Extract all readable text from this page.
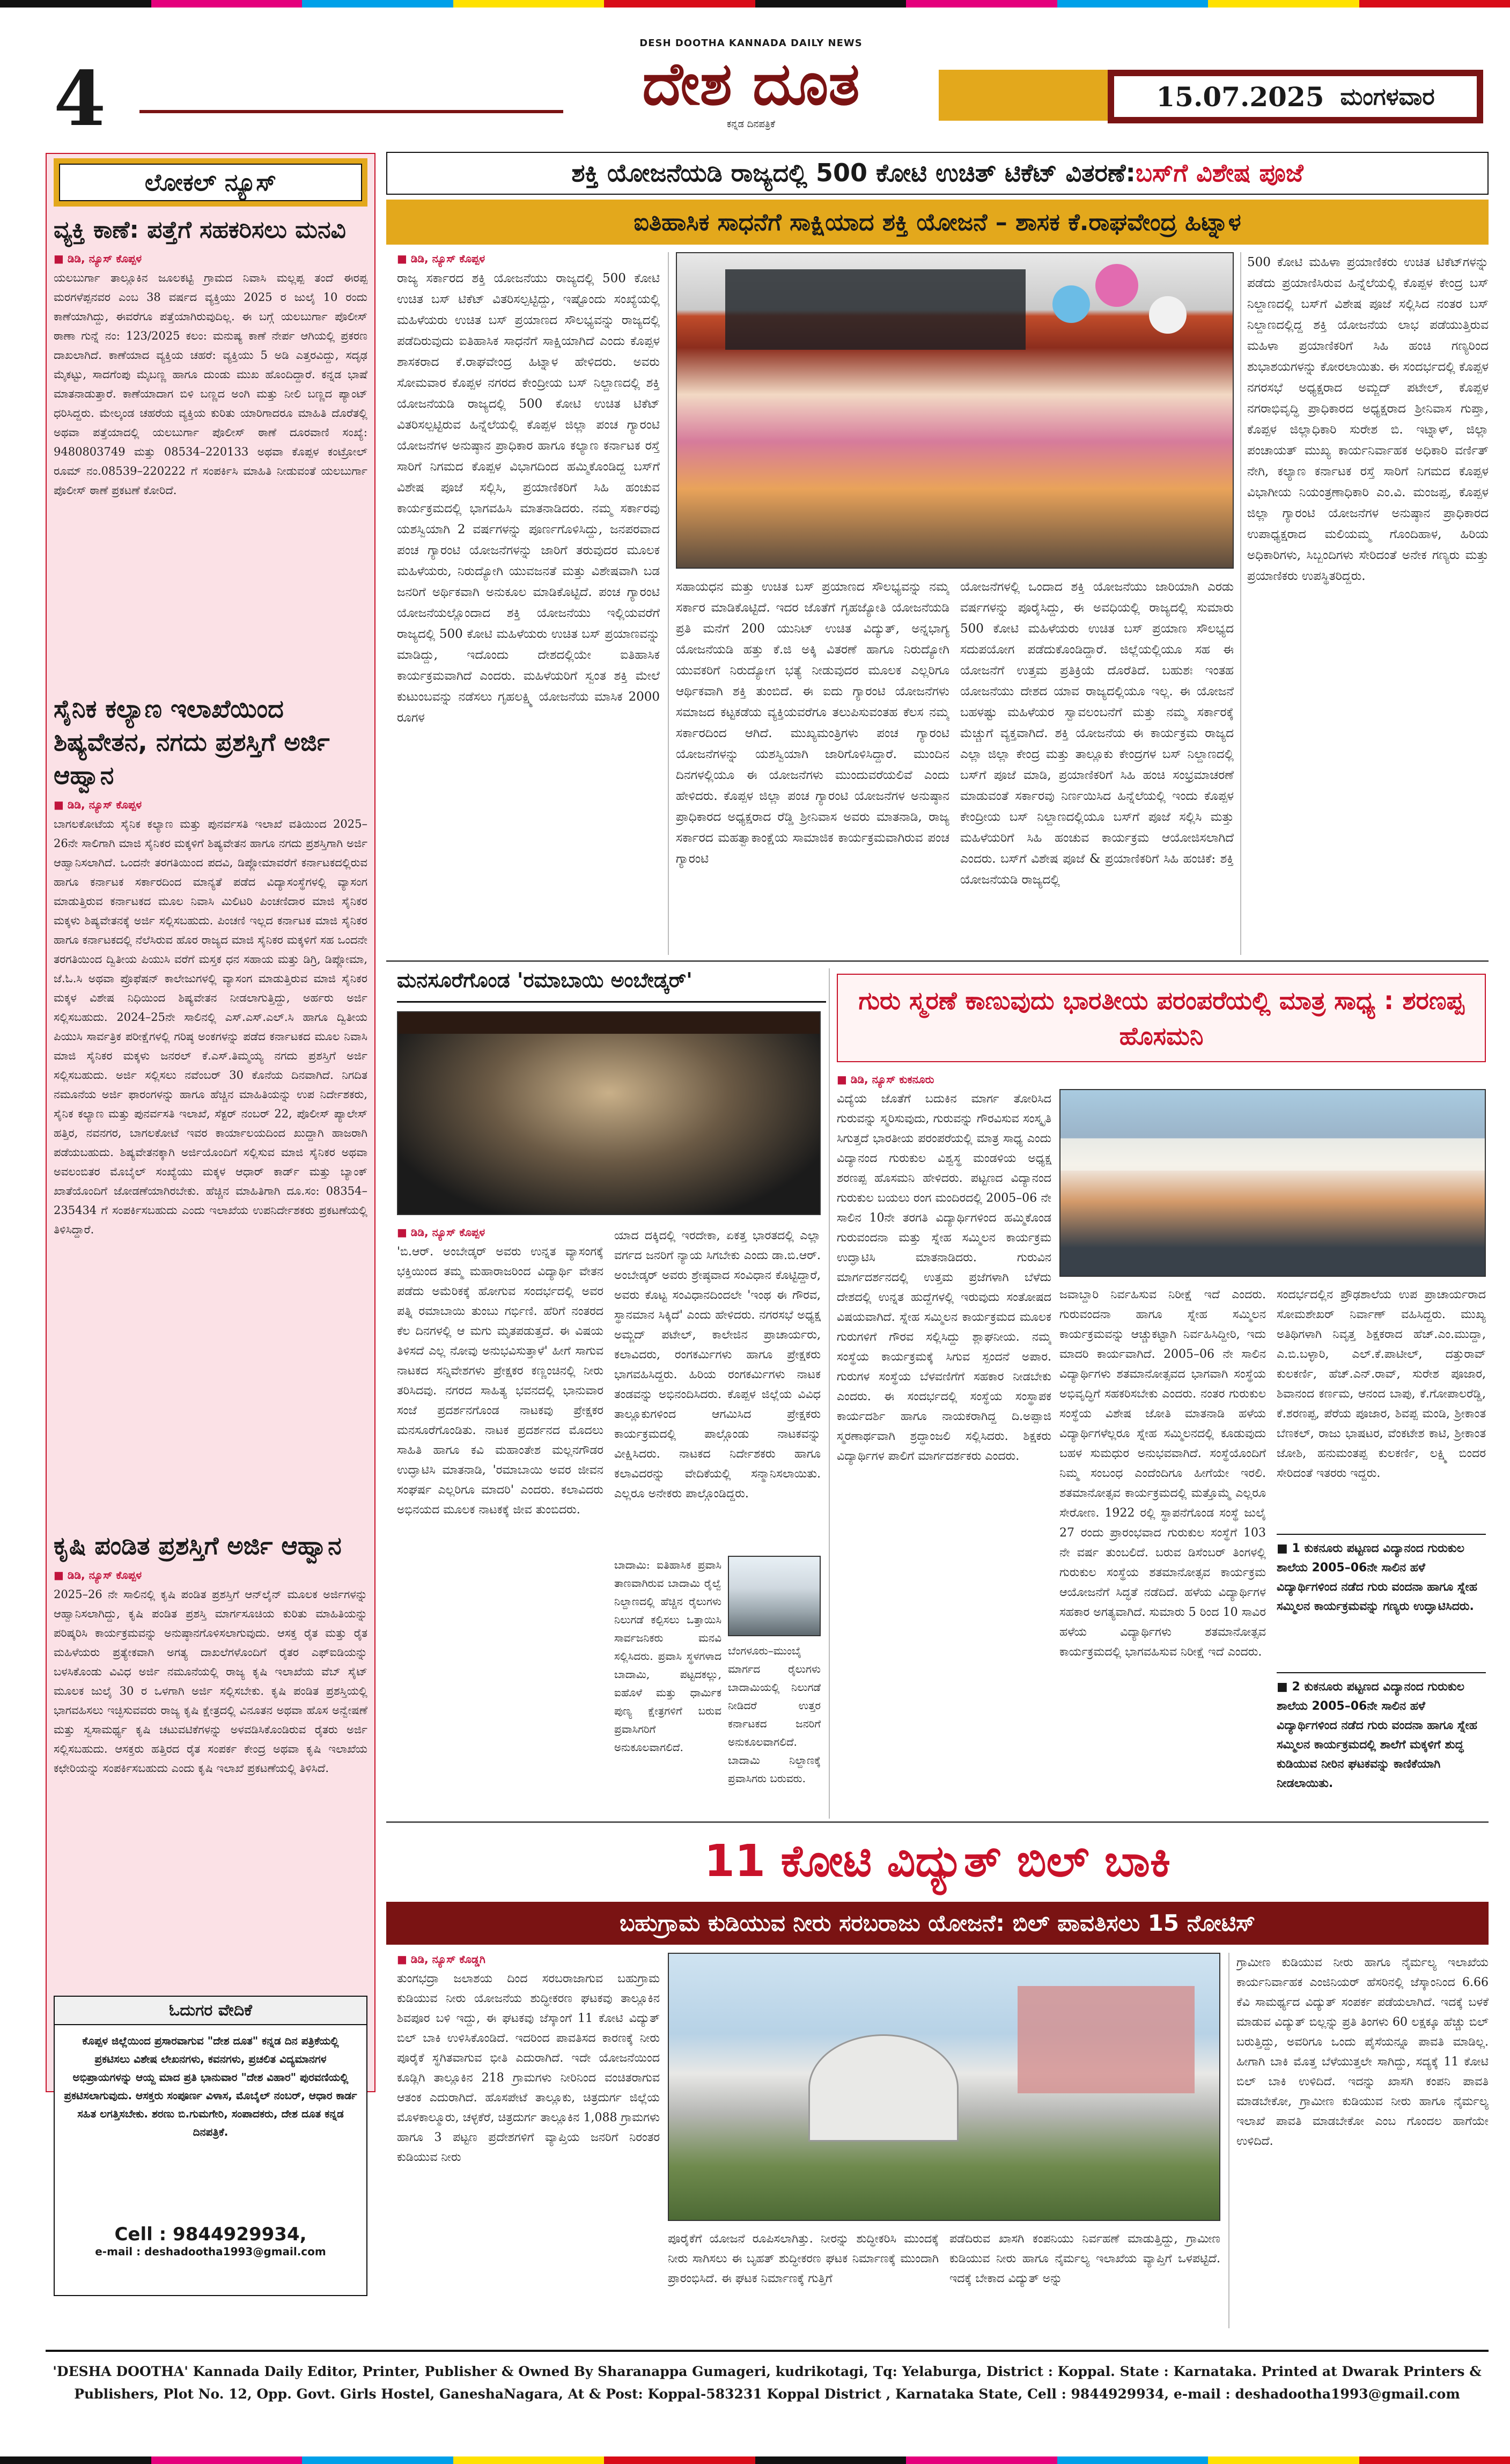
4
DESH DOOTHA KANNADA DAILY NEWS
ದೇಶ ದೂತ
ಕನ್ನಡ ದಿನಪತ್ರಿಕೆ
15.07.2025 ಮಂಗಳವಾರ
ಲೋಕಲ್ ನ್ಯೂಸ್
ವ್ಯಕ್ತಿ ಕಾಣೆ: ಪತ್ತೆಗೆ ಸಹಕರಿಸಲು ಮನವಿ
■ ಡಿಡಿ, ನ್ಯೂಸ್ ಕೊಪ್ಪಳ
ಯಲಬುರ್ಗಾ ತಾಲ್ಲೂಕಿನ ಜೂಲಕಟ್ಟಿ ಗ್ರಾಮದ ನಿವಾಸಿ ಮಲ್ಲಪ್ಪ ತಂದೆ ಈರಪ್ಪ ಮರಗಳೆಪ್ಪನವರ ಎಂಬ 38 ವರ್ಷದ ವ್ಯಕ್ತಿಯು 2025 ರ ಜುಲೈ 10 ರಂದು ಕಾಣೆಯಾಗಿದ್ದು, ಈವರೆಗೂ ಪತ್ತೆಯಾಗಿರುವುದಿಲ್ಲ. ಈ ಬಗ್ಗೆ ಯಲಬುರ್ಗಾ ಪೊಲೀಸ್ ಠಾಣಾ ಗುನ್ನೆ ನಂ: 123/2025 ಕಲಂ: ಮನುಷ್ಯ ಕಾಣೆ ನೇರ್ಪ ಆಗಿಯಲ್ಲಿ ಪ್ರಕರಣ ದಾಖಲಾಗಿದೆ. ಕಾಣೆಯಾದ ವ್ಯಕ್ತಿಯ ಚಹರೆ: ವ್ಯಕ್ತಿಯು 5 ಅಡಿ ಎತ್ತರವಿದ್ದು, ಸದೃಢ ಮೈಕಟ್ಟು, ಸಾದಗೆಂಪು ಮೈಬಣ್ಣ ಹಾಗೂ ದುಂಡು ಮುಖ ಹೊಂದಿದ್ದಾರೆ. ಕನ್ನಡ ಭಾಷೆ ಮಾತನಾಡುತ್ತಾರೆ. ಕಾಣೆಯಾದಾಗ ಬಿಳಿ ಬಣ್ಣದ ಅಂಗಿ ಮತ್ತು ನೀಲಿ ಬಣ್ಣದ ಪ್ಯಾಂಟ್ ಧರಿಸಿದ್ದರು. ಮೇಲ್ಕಂಡ ಚಹರೆಯ ವ್ಯಕ್ತಿಯ ಕುರಿತು ಯಾರಿಗಾದರೂ ಮಾಹಿತಿ ದೊರೆತಲ್ಲಿ ಅಥವಾ ಪತ್ತೆಯಾದಲ್ಲಿ ಯಲಬುರ್ಗಾ ಪೊಲೀಸ್ ಠಾಣೆ ದೂರವಾಣಿ ಸಂಖ್ಯೆ: 9480803749 ಮತ್ತು 08534–220133 ಅಥವಾ ಕೊಪ್ಪಳ ಕಂಟ್ರೋಲ್ ರೂಮ್ ನಂ.08539–220222 ಗೆ ಸಂಪರ್ಕಿಸಿ ಮಾಹಿತಿ ನೀಡುವಂತೆ ಯಲಬುರ್ಗಾ ಪೊಲೀಸ್ ಠಾಣೆ ಪ್ರಕಟಣೆ ಕೋರಿದೆ.
ಸೈನಿಕ ಕಲ್ಯಾಣ ಇಲಾಖೆಯಿಂದ ಶಿಷ್ಯವೇತನ, ನಗದು ಪ್ರಶಸ್ತಿಗೆ ಅರ್ಜಿ ಆಹ್ವಾನ
■ ಡಿಡಿ, ನ್ಯೂಸ್ ಕೊಪ್ಪಳ
ಬಾಗಲಕೋಟೆಯ ಸೈನಿಕ ಕಲ್ಯಾಣ ಮತ್ತು ಪುನರ್ವಸತಿ ಇಲಾಖೆ ವತಿಯಿಂದ 2025–26ನೇ ಸಾಲಿಗಾಗಿ ಮಾಜಿ ಸೈನಿಕರ ಮಕ್ಕಳಿಗೆ ಶಿಷ್ಯವೇತನ ಹಾಗೂ ನಗದು ಪ್ರಶಸ್ತಿಗಾಗಿ ಅರ್ಜಿ ಆಹ್ವಾನಿಸಲಾಗಿದೆ. ಒಂದನೇ ತರಗತಿಯಿಂದ ಪದವಿ, ಡಿಪ್ಲೋಮಾವರೆಗೆ ಕರ್ನಾಟಕದಲ್ಲಿರುವ ಹಾಗೂ ಕರ್ನಾಟಕ ಸರ್ಕಾರದಿಂದ ಮಾನ್ಯತೆ ಪಡೆದ ವಿದ್ಯಾಸಂಸ್ಥೆಗಳಲ್ಲಿ ವ್ಯಾಸಂಗ ಮಾಡುತ್ತಿರುವ ಕರ್ನಾಟಕದ ಮೂಲ ನಿವಾಸಿ ಮಿಲಿಟರಿ ಪಿಂಚಣಿದಾರ ಮಾಜಿ ಸೈನಿಕರ ಮಕ್ಕಳು ಶಿಷ್ಯವೇತನಕ್ಕೆ ಅರ್ಜಿ ಸಲ್ಲಿಸಬಹುದು. ಪಿಂಚಣಿ ಇಲ್ಲದ ಕರ್ನಾಟಕ ಮಾಜಿ ಸೈನಿಕರ ಹಾಗೂ ಕರ್ನಾಟಕದಲ್ಲಿ ನೆಲೆಸಿರುವ ಹೊರ ರಾಜ್ಯದ ಮಾಜಿ ಸೈನಿಕರ ಮಕ್ಕಳಿಗೆ ಸಹ ಒಂದನೇ ತರಗತಿಯಿಂದ ದ್ವಿತೀಯ ಪಿಯುಸಿ ವರೆಗೆ ಮಸ್ತಕ ಧನ ಸಹಾಯ ಮತ್ತು ಡಿಗ್ರಿ, ಡಿಪ್ಲೋಮಾ, ಜೆ.ಓ.ಸಿ ಅಥವಾ ಪ್ರೊಫೆಷನ್ ಕಾಲೇಜುಗಳಲ್ಲಿ ವ್ಯಾಸಂಗ ಮಾಡುತ್ತಿರುವ ಮಾಜಿ ಸೈನಿಕರ ಮಕ್ಕಳ ವಿಶೇಷ ನಿಧಿಯಿಂದ ಶಿಷ್ಯವೇತನ ನೀಡಲಾಗುತ್ತಿದ್ದು, ಅರ್ಹರು ಅರ್ಜಿ ಸಲ್ಲಿಸಬಹುದು. 2024–25ನೇ ಸಾಲಿನಲ್ಲಿ ಎಸ್.ಎಸ್.ಎಲ್.ಸಿ ಹಾಗೂ ದ್ವಿತೀಯ ಪಿಯುಸಿ ಸಾರ್ವತ್ರಿಕ ಪರೀಕ್ಷೆಗಳಲ್ಲಿ ಗರಿಷ್ಠ ಅಂಕಗಳನ್ನು ಪಡೆದ ಕರ್ನಾಟಕದ ಮೂಲ ನಿವಾಸಿ ಮಾಜಿ ಸೈನಿಕರ ಮಕ್ಕಳು ಜನರಲ್ ಕೆ.ಎಸ್.ತಿಮ್ಮಯ್ಯ ನಗದು ಪ್ರಶಸ್ತಿಗೆ ಅರ್ಜಿ ಸಲ್ಲಿಸಬಹುದು. ಅರ್ಜಿ ಸಲ್ಲಿಸಲು ನವೆಂಬರ್ 30 ಕೊನೆಯ ದಿನವಾಗಿದೆ. ನಿಗದಿತ ನಮೂನೆಯ ಅರ್ಜಿ ಫಾರಂಗಳನ್ನು ಹಾಗೂ ಹೆಚ್ಚಿನ ಮಾಹಿತಿಯನ್ನು ಉಪ ನಿರ್ದೇಶಕರು, ಸೈನಿಕ ಕಲ್ಯಾಣ ಮತ್ತು ಪುನರ್ವಸತಿ ಇಲಾಖೆ, ಸೆಕ್ಟರ್ ನಂಬರ್ 22, ಪೊಲೀಸ್ ಪ್ಯಾಲೇಸ್ ಹತ್ತಿರ, ನವನಗರ, ಬಾಗಲಕೋಟೆ ಇವರ ಕಾರ್ಯಾಲಯದಿಂದ ಖುದ್ದಾಗಿ ಹಾಜರಾಗಿ ಪಡೆಯಬಹುದು. ಶಿಷ್ಯವೇತನಕ್ಕಾಗಿ ಅರ್ಜಿಯೊಂದಿಗೆ ಸಲ್ಲಿಸುವ ಮಾಜಿ ಸೈನಿಕರ ಅಥವಾ ಅವಲಂಬಿತರ ಮೊಬೈಲ್ ಸಂಖ್ಯೆಯು ಮಕ್ಕಳ ಆಧಾರ್ ಕಾರ್ಡ್ ಮತ್ತು ಬ್ಯಾಂಕ್ ಖಾತೆಯೊಂದಿಗೆ ಜೋಡಣೆಯಾಗಿರಬೇಕು. ಹೆಚ್ಚಿನ ಮಾಹಿತಿಗಾಗಿ ದೂ.ಸಂ: 08354–235434 ಗೆ ಸಂಪರ್ಕಿಸಬಹುದು ಎಂದು ಇಲಾಖೆಯ ಉಪನಿರ್ದೇಶಕರು ಪ್ರಕಟಣೆಯಲ್ಲಿ ತಿಳಿಸಿದ್ದಾರೆ.
ಕೃಷಿ ಪಂಡಿತ ಪ್ರಶಸ್ತಿಗೆ ಅರ್ಜಿ ಆಹ್ವಾನ
■ ಡಿಡಿ, ನ್ಯೂಸ್ ಕೊಪ್ಪಳ
2025–26 ನೇ ಸಾಲಿನಲ್ಲಿ ಕೃಷಿ ಪಂಡಿತ ಪ್ರಶಸ್ತಿಗೆ ಆನ್‌ಲೈನ್ ಮೂಲಕ ಅರ್ಜಿಗಳನ್ನು ಆಹ್ವಾನಿಸಲಾಗಿದ್ದು, ಕೃಷಿ ಪಂಡಿತ ಪ್ರಶಸ್ತಿ ಮಾರ್ಗಸೂಚಿಯ ಕುರಿತು ಮಾಹಿತಿಯನ್ನು ಪರಿಷ್ಕರಿಸಿ ಕಾರ್ಯಕ್ರಮವನ್ನು ಅನುಷ್ಠಾನಗೊಳಿಸಲಾಗುವುದು. ಆಸಕ್ತ ರೈತ ಮತ್ತು ರೈತ ಮಹಿಳೆಯರು ಪ್ರತ್ಯೇಕವಾಗಿ ಅಗತ್ಯ ದಾಖಲೆಗಳೊಂದಿಗೆ ರೈತರ ಎಫ್‌ಐಡಿಯನ್ನು ಬಳಸಿಕೊಂಡು ವಿವಿಧ ಅರ್ಜಿ ನಮೂನೆಯಲ್ಲಿ ರಾಜ್ಯ ಕೃಷಿ ಇಲಾಖೆಯ ವೆಬ್ ಸೈಟ್ ಮೂಲಕ ಜುಲೈ 30 ರ ಒಳಗಾಗಿ ಅರ್ಜಿ ಸಲ್ಲಿಸಬೇಕು. ಕೃಷಿ ಪಂಡಿತ ಪ್ರಶಸ್ತಿಯಲ್ಲಿ ಭಾಗವಹಿಸಲು ಇಚ್ಛಿಸುವವರು ರಾಜ್ಯ ಕೃಷಿ ಕ್ಷೇತ್ರದಲ್ಲಿ ವಿನೂತನ ಅಥವಾ ಹೊಸ ಅನ್ವೇಷಣೆ ಮತ್ತು ಸ್ವಸಾಮರ್ಥ್ಯ ಕೃಷಿ ಚಟುವಟಿಕೆಗಳನ್ನು ಅಳವಡಿಸಿಕೊಂಡಿರುವ ರೈತರು ಅರ್ಜಿ ಸಲ್ಲಿಸಬಹುದು. ಆಸಕ್ತರು ಹತ್ತಿರದ ರೈತ ಸಂಪರ್ಕ ಕೇಂದ್ರ ಅಥವಾ ಕೃಷಿ ಇಲಾಖೆಯ ಕಛೇರಿಯನ್ನು ಸಂಪರ್ಕಿಸಬಹುದು ಎಂದು ಕೃಷಿ ಇಲಾಖೆ ಪ್ರಕಟಣೆಯಲ್ಲಿ ತಿಳಿಸಿದೆ.
ಓದುಗರ ವೇದಿಕೆ
ಕೊಪ್ಪಳ ಜಿಲ್ಲೆಯಿಂದ ಪ್ರಸಾರವಾಗುವ "ದೇಶ ದೂತ" ಕನ್ನಡ ದಿನ ಪತ್ರಿಕೆಯಲ್ಲಿ ಪ್ರಕಟಿಸಲು ವಿಶೇಷ ಲೇಖನಗಳು, ಕವನಗಳು, ಪ್ರಚಲಿತ ವಿದ್ಯಮಾನಗಳ ಅಭಿಪ್ರಾಯಗಳನ್ನು ಆಯ್ದ ಮಾದ ಪ್ರತಿ ಭಾನುವಾರ "ದೇಶ ವಿಹಾರ" ಪುರವಣಿಯಲ್ಲಿ ಪ್ರಕಟಿಸಲಾಗುವುದು. ಆಸಕ್ತರು ಸಂಪೂರ್ಣ ವಿಳಾಸ, ಮೊಬೈಲ್ ನಂಬರ್, ಆಧಾರ ಕಾರ್ಡ ಸಹಿತ ಲಗತ್ತಿಸಬೇಕು. ಶರಣು ಬಿ.ಗುಮಗೇರಿ, ಸಂಪಾದಕರು, ದೇಶ ದೂತ ಕನ್ನಡ ದಿನಪತ್ರಿಕೆ.
Cell : 9844929934,
e-mail : deshadootha1993@gmail.com
ಶಕ್ತಿ ಯೋಜನೆಯಡಿ ರಾಜ್ಯದಲ್ಲಿ 500 ಕೋಟಿ ಉಚಿತ್ ಟಿಕೆಟ್ ವಿತರಣೆ: ಬಸ್‌ಗೆ ವಿಶೇಷ ಪೂಜೆ
ಐತಿಹಾಸಿಕ ಸಾಧನೆಗೆ ಸಾಕ್ಷಿಯಾದ ಶಕ್ತಿ ಯೋಜನೆ – ಶಾಸಕ ಕೆ.ರಾಘವೇಂದ್ರ ಹಿಟ್ನಾಳ
■ ಡಿಡಿ, ನ್ಯೂಸ್ ಕೊಪ್ಪಳ
ರಾಜ್ಯ ಸರ್ಕಾರದ ಶಕ್ತಿ ಯೋಜನೆಯು ರಾಜ್ಯದಲ್ಲಿ 500 ಕೋಟಿ ಉಚಿತ ಬಸ್ ಟಿಕೆಟ್ ವಿತರಿಸಲ್ಪಟ್ಟಿದ್ದು, ಇಷ್ಟೊಂದು ಸಂಖ್ಯೆಯಲ್ಲಿ ಮಹಿಳೆಯರು ಉಚಿತ ಬಸ್ ಪ್ರಯಾಣದ ಸೌಲಭ್ಯವನ್ನು ರಾಜ್ಯದಲ್ಲಿ ಪಡೆದಿರುವುದು ಐತಿಹಾಸಿಕ ಸಾಧನೆಗೆ ಸಾಕ್ಷಿಯಾಗಿದೆ ಎಂದು ಕೊಪ್ಪಳ ಶಾಸಕರಾದ ಕೆ.ರಾಘವೇಂದ್ರ ಹಿಟ್ನಾಳ ಹೇಳಿದರು. ಅವರು ಸೋಮವಾರ ಕೊಪ್ಪಳ ನಗರದ ಕೇಂದ್ರೀಯ ಬಸ್ ನಿಲ್ದಾಣದಲ್ಲಿ ಶಕ್ತಿ ಯೋಜನೆಯಡಿ ರಾಜ್ಯದಲ್ಲಿ 500 ಕೋಟಿ ಉಚಿತ ಟಿಕೆಟ್ ವಿತರಿಸಲ್ಪಟ್ಟಿರುವ ಹಿನ್ನೆಲೆಯಲ್ಲಿ ಕೊಪ್ಪಳ ಜಿಲ್ಲಾ ಪಂಚ ಗ್ಯಾರಂಟಿ ಯೋಜನೆಗಳ ಅನುಷ್ಠಾನ ಪ್ರಾಧಿಕಾರ ಹಾಗೂ ಕಲ್ಯಾಣ ಕರ್ನಾಟಕ ರಸ್ತೆ ಸಾರಿಗೆ ನಿಗಮದ ಕೊಪ್ಪಳ ವಿಭಾಗದಿಂದ ಹಮ್ಮಿಕೊಂಡಿದ್ದ ಬಸ್‌ಗೆ ವಿಶೇಷ ಪೂಜೆ ಸಲ್ಲಿಸಿ, ಪ್ರಯಾಣಿಕರಿಗೆ ಸಿಹಿ ಹಂಚುವ ಕಾರ್ಯಕ್ರಮದಲ್ಲಿ ಭಾಗವಹಿಸಿ ಮಾತನಾಡಿದರು. ನಮ್ಮ ಸರ್ಕಾರವು ಯಶಸ್ವಿಯಾಗಿ 2 ವರ್ಷಗಳನ್ನು ಪೂರ್ಣಗೊಳಿಸಿದ್ದು, ಜನಪರವಾದ ಪಂಚ ಗ್ಯಾರಂಟಿ ಯೋಜನೆಗಳನ್ನು ಜಾರಿಗೆ ತರುವುದರ ಮೂಲಕ ಮಹಿಳೆಯರು, ನಿರುದ್ಯೋಗಿ ಯುವಜನತೆ ಮತ್ತು ವಿಶೇಷವಾಗಿ ಬಡ ಜನರಿಗೆ ಅರ್ಥಿಕವಾಗಿ ಅನುಕೂಲ ಮಾಡಿಕೊಟ್ಟಿದೆ. ಪಂಚ ಗ್ಯಾರಂಟಿ ಯೋಜನೆಯಲ್ಲೊಂದಾದ ಶಕ್ತಿ ಯೋಜನೆಯು ಇಲ್ಲಿಯವರೆಗೆ ರಾಜ್ಯದಲ್ಲಿ 500 ಕೋಟಿ ಮಹಿಳೆಯರು ಉಚಿತ ಬಸ್ ಪ್ರಯಾಣವನ್ನು ಮಾಡಿದ್ದು, ಇದೊಂದು ದೇಶದಲ್ಲಿಯೇ ಐತಿಹಾಸಿಕ ಕಾರ್ಯಕ್ರಮವಾಗಿದೆ ಎಂದರು. ಮಹಿಳೆಯರಿಗೆ ಸ್ವಂತ ಶಕ್ತಿ ಮೇಲೆ ಕುಟುಂಬವನ್ನು ನಡೆಸಲು ಗೃಹಲಕ್ಷ್ಮಿ ಯೋಜನೆಯ ಮಾಸಿಕ 2000 ರೂಗಳ
ಸಹಾಯಧನ ಮತ್ತು ಉಚಿತ ಬಸ್ ಪ್ರಯಾಣದ ಸೌಲಭ್ಯವನ್ನು ನಮ್ಮ ಸರ್ಕಾರ ಮಾಡಿಕೊಟ್ಟಿದೆ. ಇದರ ಜೊತೆಗೆ ಗೃಹಜ್ಯೋತಿ ಯೋಜನೆಯಡಿ ಪ್ರತಿ ಮನೆಗೆ 200 ಯುನಿಟ್ ಉಚಿತ ವಿದ್ಯುತ್, ಅನ್ನಭಾಗ್ಯ ಯೋಜನೆಯಡಿ ಹತ್ತು ಕೆ.ಜಿ ಅಕ್ಕಿ ವಿತರಣೆ ಹಾಗೂ ನಿರುದ್ಯೋಗಿ ಯುವಕರಿಗೆ ನಿರುದ್ಯೋಗ ಭತ್ಯೆ ನೀಡುವುದರ ಮೂಲಕ ಎಲ್ಲರಿಗೂ ಆರ್ಥಿಕವಾಗಿ ಶಕ್ತಿ ತುಂಬಿದೆ. ಈ ಐದು ಗ್ಯಾರಂಟಿ ಯೋಜನೆಗಳು ಸಮಾಜದ ಕಟ್ಟಕಡೆಯ ವ್ಯಕ್ತಿಯವರೆಗೂ ತಲುಪಿಸುವಂತಹ ಕೆಲಸ ನಮ್ಮ ಸರ್ಕಾರದಿಂದ ಆಗಿದೆ. ಮುಖ್ಯಮಂತ್ರಿಗಳು ಪಂಚ ಗ್ಯಾರಂಟಿ ಯೋಜನೆಗಳನ್ನು ಯಶಸ್ವಿಯಾಗಿ ಜಾರಿಗೊಳಿಸಿದ್ದಾರೆ. ಮುಂದಿನ ದಿನಗಳಲ್ಲಿಯೂ ಈ ಯೋಜನೆಗಳು ಮುಂದುವರೆಯಲಿವೆ ಎಂದು ಹೇಳಿದರು. ಕೊಪ್ಪಳ ಜಿಲ್ಲಾ ಪಂಚ ಗ್ಯಾರಂಟಿ ಯೋಜನೆಗಳ ಅನುಷ್ಠಾನ ಪ್ರಾಧಿಕಾರದ ಅಧ್ಯಕ್ಷರಾದ ರೆಡ್ಡಿ ಶ್ರೀನಿವಾಸ ಅವರು ಮಾತನಾಡಿ, ರಾಜ್ಯ ಸರ್ಕಾರದ ಮಹತ್ವಾಕಾಂಕ್ಷೆಯ ಸಾಮಾಜಿಕ ಕಾರ್ಯಕ್ರಮವಾಗಿರುವ ಪಂಚ ಗ್ಯಾರಂಟಿ
ಯೋಜನೆಗಳಲ್ಲಿ ಒಂದಾದ ಶಕ್ತಿ ಯೋಜನೆಯು ಜಾರಿಯಾಗಿ ಎರಡು ವರ್ಷಗಳನ್ನು ಪೂರೈಸಿದ್ದು, ಈ ಅವಧಿಯಲ್ಲಿ ರಾಜ್ಯದಲ್ಲಿ ಸುಮಾರು 500 ಕೋಟಿ ಮಹಿಳೆಯರು ಉಚಿತ ಬಸ್ ಪ್ರಯಾಣ ಸೌಲಭ್ಯದ ಸದುಪಯೋಗ ಪಡೆದುಕೊಂಡಿದ್ದಾರೆ. ಜಿಲ್ಲೆಯಲ್ಲಿಯೂ ಸಹ ಈ ಯೋಜನೆಗೆ ಉತ್ತಮ ಪ್ರತಿಕ್ರಿಯೆ ದೊರೆತಿದೆ. ಬಹುಶಃ ಇಂತಹ ಯೋಜನೆಯು ದೇಶದ ಯಾವ ರಾಜ್ಯದಲ್ಲಿಯೂ ಇಲ್ಲ. ಈ ಯೋಜನೆ ಬಹಳಷ್ಟು ಮಹಿಳೆಯರ ಸ್ವಾವಲಂಬನೆಗೆ ಮತ್ತು ನಮ್ಮ ಸರ್ಕಾರಕ್ಕೆ ಮೆಚ್ಚುಗೆ ವ್ಯಕ್ತವಾಗಿದೆ. ಶಕ್ತಿ ಯೋಜನೆಯ ಈ ಕಾರ್ಯಕ್ರಮ ರಾಜ್ಯದ ಎಲ್ಲಾ ಜಿಲ್ಲಾ ಕೇಂದ್ರ ಮತ್ತು ತಾಲ್ಲೂಕು ಕೇಂದ್ರಗಳ ಬಸ್ ನಿಲ್ದಾಣದಲ್ಲಿ ಬಸ್‌ಗೆ ಪೂಜೆ ಮಾಡಿ, ಪ್ರಯಾಣಿಕರಿಗೆ ಸಿಹಿ ಹಂಚಿ ಸಂಭ್ರಮಾಚರಣೆ ಮಾಡುವಂತೆ ಸರ್ಕಾರವು ನಿರ್ಣಯಿಸಿದ ಹಿನ್ನೆಲೆಯಲ್ಲಿ ಇಂದು ಕೊಪ್ಪಳ ಕೇಂದ್ರೀಯ ಬಸ್ ನಿಲ್ದಾಣದಲ್ಲಿಯೂ ಬಸ್‌ಗೆ ಪೂಜೆ ಸಲ್ಲಿಸಿ ಮತ್ತು ಮಹಿಳೆಯರಿಗೆ ಸಿಹಿ ಹಂಚುವ ಕಾರ್ಯಕ್ರಮ ಆಯೋಜಿಸಲಾಗಿದೆ ಎಂದರು. ಬಸ್‌ಗೆ ವಿಶೇಷ ಪೂಜೆ & ಪ್ರಯಾಣಿಕರಿಗೆ ಸಿಹಿ ಹಂಚಿಕೆ: ಶಕ್ತಿ ಯೋಜನೆಯಡಿ ರಾಜ್ಯದಲ್ಲಿ
500 ಕೋಟಿ ಮಹಿಳಾ ಪ್ರಯಾಣಿಕರು ಉಚಿತ ಟಿಕೆಟ್‌ಗಳನ್ನು ಪಡೆದು ಪ್ರಯಾಣಿಸಿರುವ ಹಿನ್ನೆಲೆಯಲ್ಲಿ ಕೊಪ್ಪಳ ಕೇಂದ್ರ ಬಸ್ ನಿಲ್ದಾಣದಲ್ಲಿ ಬಸ್‌ಗೆ ವಿಶೇಷ ಪೂಜೆ ಸಲ್ಲಿಸಿದ ನಂತರ ಬಸ್ ನಿಲ್ದಾಣದಲ್ಲಿದ್ದ ಶಕ್ತಿ ಯೋಜನೆಯ ಲಾಭ ಪಡೆಯುತ್ತಿರುವ ಮಹಿಳಾ ಪ್ರಯಾಣಿಕರಿಗೆ ಸಿಹಿ ಹಂಚಿ ಗಣ್ಯರಿಂದ ಶುಭಾಶಯಗಳನ್ನು ಕೋರಲಾಯಿತು. ಈ ಸಂದರ್ಭದಲ್ಲಿ ಕೊಪ್ಪಳ ನಗರಸಭೆ ಅಧ್ಯಕ್ಷರಾದ ಅಮ್ಜದ್ ಪಟೇಲ್, ಕೊಪ್ಪಳ ನಗರಾಭಿವೃದ್ಧಿ ಪ್ರಾಧಿಕಾರದ ಅಧ್ಯಕ್ಷರಾದ ಶ್ರೀನಿವಾಸ ಗುಪ್ತಾ, ಕೊಪ್ಪಳ ಜಿಲ್ಲಾಧಿಕಾರಿ ಸುರೇಶ ಬಿ. ಇಟ್ನಾಳ್, ಜಿಲ್ಲಾ ಪಂಚಾಯತ್ ಮುಖ್ಯ ಕಾರ್ಯನಿರ್ವಾಹಕ ಅಧಿಕಾರಿ ವರ್ಣಿತ್ ನೇಗಿ, ಕಲ್ಯಾಣ ಕರ್ನಾಟಕ ರಸ್ತೆ ಸಾರಿಗೆ ನಿಗಮದ ಕೊಪ್ಪಳ ವಿಭಾಗೀಯ ನಿಯಂತ್ರಣಾಧಿಕಾರಿ ಎಂ.ವಿ. ಮಂಜಪ್ಪ, ಕೊಪ್ಪಳ ಜಿಲ್ಲಾ ಗ್ಯಾರಂಟಿ ಯೋಜನೆಗಳ ಅನುಷ್ಠಾನ ಪ್ರಾಧಿಕಾರದ ಉಪಾಧ್ಯಕ್ಷರಾದ ಮಲಿಯಮ್ಮ ಗೊಂದಿಹಾಳ, ಹಿರಿಯ ಅಧಿಕಾರಿಗಳು, ಸಿಬ್ಬಂದಿಗಳು ಸೇರಿದಂತೆ ಅನೇಕ ಗಣ್ಯರು ಮತ್ತು ಪ್ರಯಾಣಿಕರು ಉಪಸ್ಥಿತರಿದ್ದರು.
ಮನಸೂರೆಗೊಂಡ 'ರಮಾಬಾಯಿ ಅಂಬೇಡ್ಕರ್'
■ ಡಿಡಿ, ನ್ಯೂಸ್ ಕೊಪ್ಪಳ
'ಬಿ.ಆರ್. ಅಂಬೇಡ್ಕರ್ ಅವರು ಉನ್ನತ ವ್ಯಾಸಂಗಕ್ಕೆ ಭಕ್ತಿಯಿಂದ ತಮ್ಮ ಮಹಾರಾಜರಿಂದ ವಿದ್ಯಾರ್ಥಿ ವೇತನ ಪಡೆದು ಅಮೆರಿಕಕ್ಕೆ ಹೋಗುವ ಸಂದರ್ಭದಲ್ಲಿ ಅವರ ಪತ್ನಿ ರಮಾಬಾಯಿ ತುಂಬು ಗರ್ಭಿಣಿ. ಹೆರಿಗೆ ನಂತರದ ಕೆಲ ದಿನಗಳಲ್ಲಿ ಆ ಮಗು ಮೃತಪಡುತ್ತದೆ. ಈ ವಿಷಯ ತಿಳಿಸದೆ ಎಲ್ಲ ನೋವು ಅನುಭವಿಸುತ್ತಾಳೆ' ಹೀಗೆ ಸಾಗುವ ನಾಟಕದ ಸನ್ನಿವೇಶಗಳು ಪ್ರೇಕ್ಷಕರ ಕಣ್ಣಂಚಿನಲ್ಲಿ ನೀರು ತರಿಸಿದವು. ನಗರದ ಸಾಹಿತ್ಯ ಭವನದಲ್ಲಿ ಭಾನುವಾರ ಸಂಜೆ ಪ್ರದರ್ಶನಗೊಂಡ ನಾಟಕವು ಪ್ರೇಕ್ಷಕರ ಮನಸೂರೆಗೊಂಡಿತು. ನಾಟಕ ಪ್ರದರ್ಶನದ ಮೊದಲು ಸಾಹಿತಿ ಹಾಗೂ ಕವಿ ಮಹಾಂತೇಶ ಮಲ್ಲನಗೌಡರ ಉದ್ಘಾಟಿಸಿ ಮಾತನಾಡಿ, 'ರಮಾಬಾಯಿ ಅವರ ಜೀವನ ಸಂಘರ್ಷ ಎಲ್ಲರಿಗೂ ಮಾದರಿ' ಎಂದರು. ಕಲಾವಿದರು ಅಭಿನಯದ ಮೂಲಕ ನಾಟಕಕ್ಕೆ ಜೀವ ತುಂಬಿದರು.
ಯಾದ ದಕ್ಕಿದಲ್ಲಿ ಇರದೇಕಾ, ಏಕತ್ತ ಭಾರತದಲ್ಲಿ ಎಲ್ಲಾ ವರ್ಗದ ಜನರಿಗೆ ನ್ಯಾಯ ಸಿಗಬೇಕು ಎಂದು ಡಾ.ಬಿ.ಆರ್. ಅಂಬೇಡ್ಕರ್ ಅವರು ಶ್ರೇಷ್ಠವಾದ ಸಂವಿಧಾನ ಕೊಟ್ಟಿದ್ದಾರೆ, ಅವರು ಕೊಟ್ಟ ಸಂವಿಧಾನದಿಂದಲೇ 'ಇಂಥ ಈ ಗೌರವ, ಸ್ಥಾನಮಾನ ಸಿಕ್ಕಿದೆ' ಎಂದು ಹೇಳಿದರು. ನಗರಸಭೆ ಅಧ್ಯಕ್ಷ ಅಮ್ಜದ್ ಪಟೇಲ್, ಕಾಲೇಜಿನ ಪ್ರಾಚಾರ್ಯರು, ಕಲಾವಿದರು, ರಂಗಕರ್ಮಿಗಳು ಹಾಗೂ ಪ್ರೇಕ್ಷಕರು ಭಾಗವಹಿಸಿದ್ದರು. ಹಿರಿಯ ರಂಗಕರ್ಮಿಗಳು ನಾಟಕ ತಂಡವನ್ನು ಅಭಿನಂದಿಸಿದರು. ಕೊಪ್ಪಳ ಜಿಲ್ಲೆಯ ವಿವಿಧ ತಾಲ್ಲೂಕುಗಳಿಂದ ಆಗಮಿಸಿದ ಪ್ರೇಕ್ಷಕರು ಕಾರ್ಯಕ್ರಮದಲ್ಲಿ ಪಾಲ್ಗೊಂಡು ನಾಟಕವನ್ನು ವೀಕ್ಷಿಸಿದರು. ನಾಟಕದ ನಿರ್ದೇಶಕರು ಹಾಗೂ ಕಲಾವಿದರನ್ನು ವೇದಿಕೆಯಲ್ಲಿ ಸನ್ಮಾನಿಸಲಾಯಿತು. ಎಲ್ಲರೂ ಅನೇಕರು ಪಾಲ್ಗೊಂಡಿದ್ದರು.
ಬಾದಾಮಿ: ಐತಿಹಾಸಿಕ ಪ್ರವಾಸಿ ತಾಣವಾಗಿರುವ ಬಾದಾಮಿ ರೈಲ್ವೆ ನಿಲ್ದಾಣದಲ್ಲಿ ಹೆಚ್ಚಿನ ರೈಲುಗಳು ನಿಲುಗಡೆ ಕಲ್ಪಿಸಲು ಒತ್ತಾಯಿಸಿ ಸಾರ್ವಜನಿಕರು ಮನವಿ ಸಲ್ಲಿಸಿದರು. ಪ್ರವಾಸಿ ಸ್ಥಳಗಳಾದ ಬಾದಾಮಿ, ಪಟ್ಟದಕಲ್ಲು, ಐಹೊಳೆ ಮತ್ತು ಧಾರ್ಮಿಕ ಪುಣ್ಯ ಕ್ಷೇತ್ರಗಳಿಗೆ ಬರುವ ಪ್ರವಾಸಿಗರಿಗೆ ಅನುಕೂಲವಾಗಲಿದೆ.
ಬೆಂಗಳೂರು–ಮುಂಬೈ ಮಾರ್ಗದ ರೈಲುಗಳು ಬಾದಾಮಿಯಲ್ಲಿ ನಿಲುಗಡೆ ನೀಡಿದರೆ ಉತ್ತರ ಕರ್ನಾಟಕದ ಜನರಿಗೆ ಅನುಕೂಲವಾಗಲಿದೆ. ಬಾದಾಮಿ ನಿಲ್ದಾಣಕ್ಕೆ ಪ್ರವಾಸಿಗರು ಬರುವರು.
ಗುರು ಸ್ಮರಣೆ ಕಾಣುವುದು ಭಾರತೀಯ ಪರಂಪರೆಯಲ್ಲಿ ಮಾತ್ರ ಸಾಧ್ಯ : ಶರಣಪ್ಪ ಹೊಸಮನಿ
■ ಡಿಡಿ, ನ್ಯೂಸ್ ಕುಕನೂರು
ವಿದ್ಯೆಯ ಜೊತೆಗೆ ಬದುಕಿನ ಮಾರ್ಗ ತೋರಿಸಿದ ಗುರುವನ್ನು ಸ್ಮರಿಸುವುದು, ಗುರುವನ್ನು ಗೌರವಿಸುವ ಸಂಸ್ಕೃತಿ ಸಿಗುತ್ತದೆ ಭಾರತೀಯ ಪರಂಪರೆಯಲ್ಲಿ ಮಾತ್ರ ಸಾಧ್ಯ ಎಂದು ವಿದ್ಯಾನಂದ ಗುರುಕುಲ ವಿಶ್ವಸ್ಥ ಮಂಡಳಿಯ ಅಧ್ಯಕ್ಷ ಶರಣಪ್ಪ ಹೊಸಮನಿ ಹೇಳಿದರು. ಪಟ್ಟಣದ ವಿದ್ಯಾನಂದ ಗುರುಕುಲ ಬಯಲು ರಂಗ ಮಂದಿರದಲ್ಲಿ 2005–06 ನೇ ಸಾಲಿನ 10ನೇ ತರಗತಿ ವಿದ್ಯಾರ್ಥಿಗಳಿಂದ ಹಮ್ಮಿಕೊಂಡ ಗುರುವಂದನಾ ಮತ್ತು ಸ್ನೇಹ ಸಮ್ಮಿಲನ ಕಾರ್ಯಕ್ರಮ ಉದ್ಘಾಟಿಸಿ ಮಾತನಾಡಿದರು. ಗುರುವಿನ ಮಾರ್ಗದರ್ಶನದಲ್ಲಿ ಉತ್ತಮ ಪ್ರಜೆಗಳಾಗಿ ಬೆಳೆದು ದೇಶದಲ್ಲಿ ಉನ್ನತ ಹುದ್ದೆಗಳಲ್ಲಿ ಇರುವುದು ಸಂತೋಷದ ವಿಷಯವಾಗಿದೆ. ಸ್ನೇಹ ಸಮ್ಮಿಲನ ಕಾರ್ಯಕ್ರಮದ ಮೂಲಕ ಗುರುಗಳಿಗೆ ಗೌರವ ಸಲ್ಲಿಸಿದ್ದು ಶ್ಲಾಘನೀಯ. ನಮ್ಮ ಸಂಸ್ಥೆಯ ಕಾರ್ಯಕ್ರಮಕ್ಕೆ ಸಿಗುವ ಸ್ಪಂದನೆ ಅಪಾರ. ಗುರುಗಳ ಸಂಸ್ಥೆಯ ಬೆಳವಣಿಗೆಗೆ ಸಹಕಾರ ನೀಡಬೇಕು ಎಂದರು. ಈ ಸಂದರ್ಭದಲ್ಲಿ ಸಂಸ್ಥೆಯ ಸಂಸ್ಥಾಪಕ ಕಾರ್ಯದರ್ಶಿ ಹಾಗೂ ನಾಯಕರಾಗಿದ್ದ ದಿ.ಅಪ್ಪಾಜಿ ಸ್ಮರಣಾರ್ಥವಾಗಿ ಶ್ರದ್ಧಾಂಜಲಿ ಸಲ್ಲಿಸಿದರು. ಶಿಕ್ಷಕರು ವಿದ್ಯಾರ್ಥಿಗಳ ಪಾಲಿಗೆ ಮಾರ್ಗದರ್ಶಕರು ಎಂದರು.
ಜವಾಬ್ದಾರಿ ನಿರ್ವಹಿಸುವ ನಿರೀಕ್ಷೆ ಇದೆ ಎಂದರು. ಗುರುವಂದನಾ ಹಾಗೂ ಸ್ನೇಹ ಸಮ್ಮಿಲನ ಕಾರ್ಯಕ್ರಮವನ್ನು ಆಚ್ಚುಕಟ್ಟಾಗಿ ನಿರ್ವಹಿಸಿದ್ದೀರಿ, ಇದು ಮಾದರಿ ಕಾರ್ಯವಾಗಿದೆ. 2005–06 ನೇ ಸಾಲಿನ ವಿದ್ಯಾರ್ಥಿಗಳು ಶತಮಾನೋತ್ಸವದ ಭಾಗವಾಗಿ ಸಂಸ್ಥೆಯ ಅಭಿವೃದ್ಧಿಗೆ ಸಹಕರಿಸಬೇಕು ಎಂದರು. ನಂತರ ಗುರುಕುಲ ಸಂಸ್ಥೆಯ ವಿಶೇಷ ಜೋತಿ ಮಾತನಾಡಿ ಹಳೆಯ ವಿದ್ಯಾರ್ಥಿಗಳೆಲ್ಲರೂ ಸ್ನೇಹ ಸಮ್ಮಿಲನದಲ್ಲಿ ಕೂಡುವುದು ಬಹಳ ಸುಮಧುರ ಅನುಭವವಾಗಿದೆ. ಸಂಸ್ಥೆಯೊಂದಿಗೆ ನಿಮ್ಮ ಸಂಬಂಧ ಎಂದೆಂದಿಗೂ ಹೀಗೆಯೇ ಇರಲಿ. ಶತಮಾನೋತ್ಸವ ಕಾರ್ಯಕ್ರಮದಲ್ಲಿ ಮತ್ತೊಮ್ಮೆ ಎಲ್ಲರೂ ಸೇರೋಣ. 1922 ರಲ್ಲಿ ಸ್ಥಾಪನೆಗೊಂಡ ಸಂಸ್ಥೆ ಜುಲೈ 27 ರಂದು ಪ್ರಾರಂಭವಾದ ಗುರುಕುಲ ಸಂಸ್ಥೆಗೆ 103 ನೇ ವರ್ಷ ತುಂಬಲಿದೆ. ಬರುವ ಡಿಸೆಂಬರ್ ತಿಂಗಳಲ್ಲಿ ಗುರುಕುಲ ಸಂಸ್ಥೆಯ ಶತಮಾನೋತ್ಸವ ಕಾರ್ಯಕ್ರಮ ಆಯೋಜನೆಗೆ ಸಿದ್ಧತೆ ನಡೆದಿದೆ. ಹಳೆಯ ವಿದ್ಯಾರ್ಥಿಗಳ ಸಹಕಾರ ಅಗತ್ಯವಾಗಿದೆ. ಸುಮಾರು 5 ರಿಂದ 10 ಸಾವಿರ ಹಳೆಯ ವಿದ್ಯಾರ್ಥಿಗಳು ಶತಮಾನೋತ್ಸವ ಕಾರ್ಯಕ್ರಮದಲ್ಲಿ ಭಾಗವಹಿಸುವ ನಿರೀಕ್ಷೆ ಇದೆ ಎಂದರು.
ಸಂದರ್ಭದಲ್ಲಿನ ಪ್ರೌಢಶಾಲೆಯ ಉಪ ಪ್ರಾಚಾರ್ಯರಾದ ಸೋಮಶೇಖರ್ ನಿರ್ವಾಣ್ ವಹಿಸಿದ್ದರು. ಮುಖ್ಯ ಅತಿಥಿಗಳಾಗಿ ನಿವೃತ್ತ ಶಿಕ್ಷಕರಾದ ಹೆಚ್.ಎಂ.ಮುದ್ದಾ, ಎ.ಬಿ.ಬಳ್ಳಾರಿ, ಎಲ್.ಕೆ.ಪಾಟೀಲ್, ದತ್ತುರಾವ್ ಕುಲಕರ್ಣಿ, ಹೆಚ್.ಎನ್.ರಾವ್, ಸುರೇಶ ಪೂಜಾರ, ಶಿವಾನಂದ ಕರ್ಣಮ, ಆನಂದ ಬಾಪು, ಕೆ.ಗೋಪಾಲರೆಡ್ಡಿ, ಕೆ.ಶರಣಪ್ಪ, ಪೆರೆಯ ಪೂಜಾರ, ಶಿವಪ್ಪ ಮಂಡಿ, ಶ್ರೀಕಾಂತ ಬೆಣಕಲ್, ರಾಜು ಭಾಷಟರ, ವೆಂಕಟೇಶ ಕಾಟಿ, ಶ್ರೀಕಾಂತ ಜೋಶಿ, ಹನುಮಂತಪ್ಪ ಕುಲಕರ್ಣಿ, ಲಕ್ಷ್ಮಿ ಬಿಂದರ ಸೇರಿದಂತೆ ಇತರರು ಇದ್ದರು.
■ 1 ಕುಕನೂರು ಪಟ್ಟಣದ ವಿದ್ಯಾನಂದ ಗುರುಕುಲ ಶಾಲೆಯ 2005–06ನೇ ಸಾಲಿನ ಹಳೆ ವಿದ್ಯಾರ್ಥಿಗಳಿಂದ ನಡೆದ ಗುರು ವಂದನಾ ಹಾಗೂ ಸ್ನೇಹ ಸಮ್ಮಿಲನ ಕಾರ್ಯಕ್ರಮವನ್ನು ಗಣ್ಯರು ಉದ್ಘಾಟಿಸಿದರು.
■ 2 ಕುಕನೂರು ಪಟ್ಟಣದ ವಿದ್ಯಾನಂದ ಗುರುಕುಲ ಶಾಲೆಯ 2005–06ನೇ ಸಾಲಿನ ಹಳೆ ವಿದ್ಯಾರ್ಥಿಗಳಿಂದ ನಡೆದ ಗುರು ವಂದನಾ ಹಾಗೂ ಸ್ನೇಹ ಸಮ್ಮಿಲನ ಕಾರ್ಯಕ್ರಮದಲ್ಲಿ ಶಾಲೆಗೆ ಮಕ್ಕಳಿಗೆ ಶುದ್ಧ ಕುಡಿಯುವ ನೀರಿನ ಘಟಕವನ್ನು ಕಾಣಿಕೆಯಾಗಿ ನೀಡಲಾಯಿತು.
11 ಕೋಟಿ ವಿದ್ಯುತ್ ಬಿಲ್ ಬಾಕಿ
ಬಹುಗ್ರಾಮ ಕುಡಿಯುವ ನೀರು ಸರಬರಾಜು ಯೋಜನೆ: ಬಿಲ್ ಪಾವತಿಸಲು 15 ನೋಟಿಸ್
■ ಡಿಡಿ, ನ್ಯೂಸ್ ಕೊಡ್ಡಗಿ
ತುಂಗಭದ್ರಾ ಜಲಾಶಯ ದಿಂದ ಸರಬರಾಜಾಗುವ ಬಹುಗ್ರಾಮ ಕುಡಿಯುವ ನೀರು ಯೋಜನೆಯ ಶುದ್ಧೀಕರಣ ಘಟಕವು ತಾಲ್ಲೂಕಿನ ಶಿವಪೂರ ಬಳಿ ಇದ್ದು, ಈ ಘಟಕವು ಜೆಸ್ಕಾಂಗೆ 11 ಕೋಟಿ ವಿದ್ಯುತ್ ಬಿಲ್ ಬಾಕಿ ಉಳಿಸಿಕೊಂಡಿದೆ. ಇದರಿಂದ ಪಾವತಿಸದ ಕಾರಣಕ್ಕೆ ನೀರು ಪೂರೈಕೆ ಸ್ಥಗಿತವಾಗುವ ಭೀತಿ ಎದುರಾಗಿದೆ. ಇದೇ ಯೋಜನೆಯಿಂದ ಕೂಡ್ಲಿಗಿ ತಾಲ್ಲೂಕಿನ 218 ಗ್ರಾಮಗಳು ನೀರಿನಿಂದ ವಂಚಿತರಾಗುವ ಆತಂಕ ಎದುರಾಗಿದೆ. ಹೊಸಪೇಟೆ ತಾಲ್ಲೂಕು, ಚಿತ್ರದುರ್ಗ ಜಿಲ್ಲೆಯ ಮೊಳಕಾಲ್ಮೂರು, ಚಳ್ಳಕೆರೆ, ಚಿತ್ರದುರ್ಗ ತಾಲ್ಲೂಕಿನ 1,088 ಗ್ರಾಮಗಳು ಹಾಗೂ 3 ಪಟ್ಟಣ ಪ್ರದೇಶಗಳಿಗೆ ವ್ಯಾಪ್ತಿಯ ಜನರಿಗೆ ನಿರಂತರ ಕುಡಿಯುವ ನೀರು
ಪೂರೈಕೆಗೆ ಯೋಜನೆ ರೂಪಿಸಲಾಗಿತ್ತು. ನೀರನ್ನು ಶುದ್ಧೀಕರಿಸಿ ಮುಂದಕ್ಕೆ ನೀರು ಸಾಗಿಸಲು ಈ ಬೃಹತ್ ಶುದ್ಧೀಕರಣ ಘಟಕ ನಿರ್ಮಾಣಕ್ಕೆ ಮುಂದಾಗಿ ಪ್ರಾರಂಭಿಸಿದೆ. ಈ ಘಟಕ ನಿರ್ಮಾಣಕ್ಕೆ ಗುತ್ತಿಗೆ
ಪಡೆದಿರುವ ಖಾಸಗಿ ಕಂಪನಿಯು ನಿರ್ವಹಣೆ ಮಾಡುತ್ತಿದ್ದು, ಗ್ರಾಮೀಣ ಕುಡಿಯುವ ನೀರು ಹಾಗೂ ನೈರ್ಮಲ್ಯ ಇಲಾಖೆಯ ವ್ಯಾಪ್ತಿಗೆ ಒಳಪಟ್ಟಿದೆ. ಇದಕ್ಕೆ ಬೇಕಾದ ವಿದ್ಯುತ್ ಅನ್ನು
ಗ್ರಾಮೀಣ ಕುಡಿಯುವ ನೀರು ಹಾಗೂ ನೈರ್ಮಲ್ಯ ಇಲಾಖೆಯ ಕಾರ್ಯನಿರ್ವಾಹಕ ಎಂಜಿನಿಯರ್ ಹೆಸರಿನಲ್ಲಿ ಜೆಸ್ಕಾಂನಿಂದ 6.66 ಕೆವಿ ಸಾಮರ್ಥ್ಯದ ವಿದ್ಯುತ್ ಸಂಪರ್ಕ ಪಡೆಯಲಾಗಿದೆ. ಇದಕ್ಕೆ ಬಳಕೆ ಮಾಡುವ ವಿದ್ಯುತ್ ಬಿಲ್ಲನ್ನು ಪ್ರತಿ ತಿಂಗಳು 60 ಲಕ್ಷಕ್ಕೂ ಹೆಚ್ಚು ಬಿಲ್ ಬರುತ್ತಿದ್ದು, ಅವರಿಗೂ ಒಂದು ಪೈಸೆಯನ್ನೂ ಪಾವತಿ ಮಾಡಿಲ್ಲ. ಹೀಗಾಗಿ ಬಾಕಿ ಮೊತ್ತ ಬೆಳೆಯುತ್ತಲೇ ಸಾಗಿದ್ದು, ಸದ್ಯಕ್ಕೆ 11 ಕೋಟಿ ಬಿಲ್ ಬಾಕಿ ಉಳಿದಿದೆ. ಇದನ್ನು ಖಾಸಗಿ ಕಂಪನಿ ಪಾವತಿ ಮಾಡಬೇಕೋ, ಗ್ರಾಮೀಣ ಕುಡಿಯುವ ನೀರು ಹಾಗೂ ನೈರ್ಮಲ್ಯ ಇಲಾಖೆ ಪಾವತಿ ಮಾಡಬೇಕೋ ಎಂಬ ಗೊಂದಲ ಹಾಗೆಯೇ ಉಳಿದಿದೆ.
'DESHA DOOTHA' Kannada Daily Editor, Printer, Publisher & Owned By Sharanappa Gumageri, kudrikotagi, Tq: Yelaburga, District : Koppal. State : Karnataka. Printed at Dwarak Printers & Publishers, Plot No. 12, Opp. Govt. Girls Hostel, GaneshaNagara, At & Post: Koppal-583231 Koppal District , Karnataka State, Cell : 9844929934, e-mail : deshadootha1993@gmail.com
